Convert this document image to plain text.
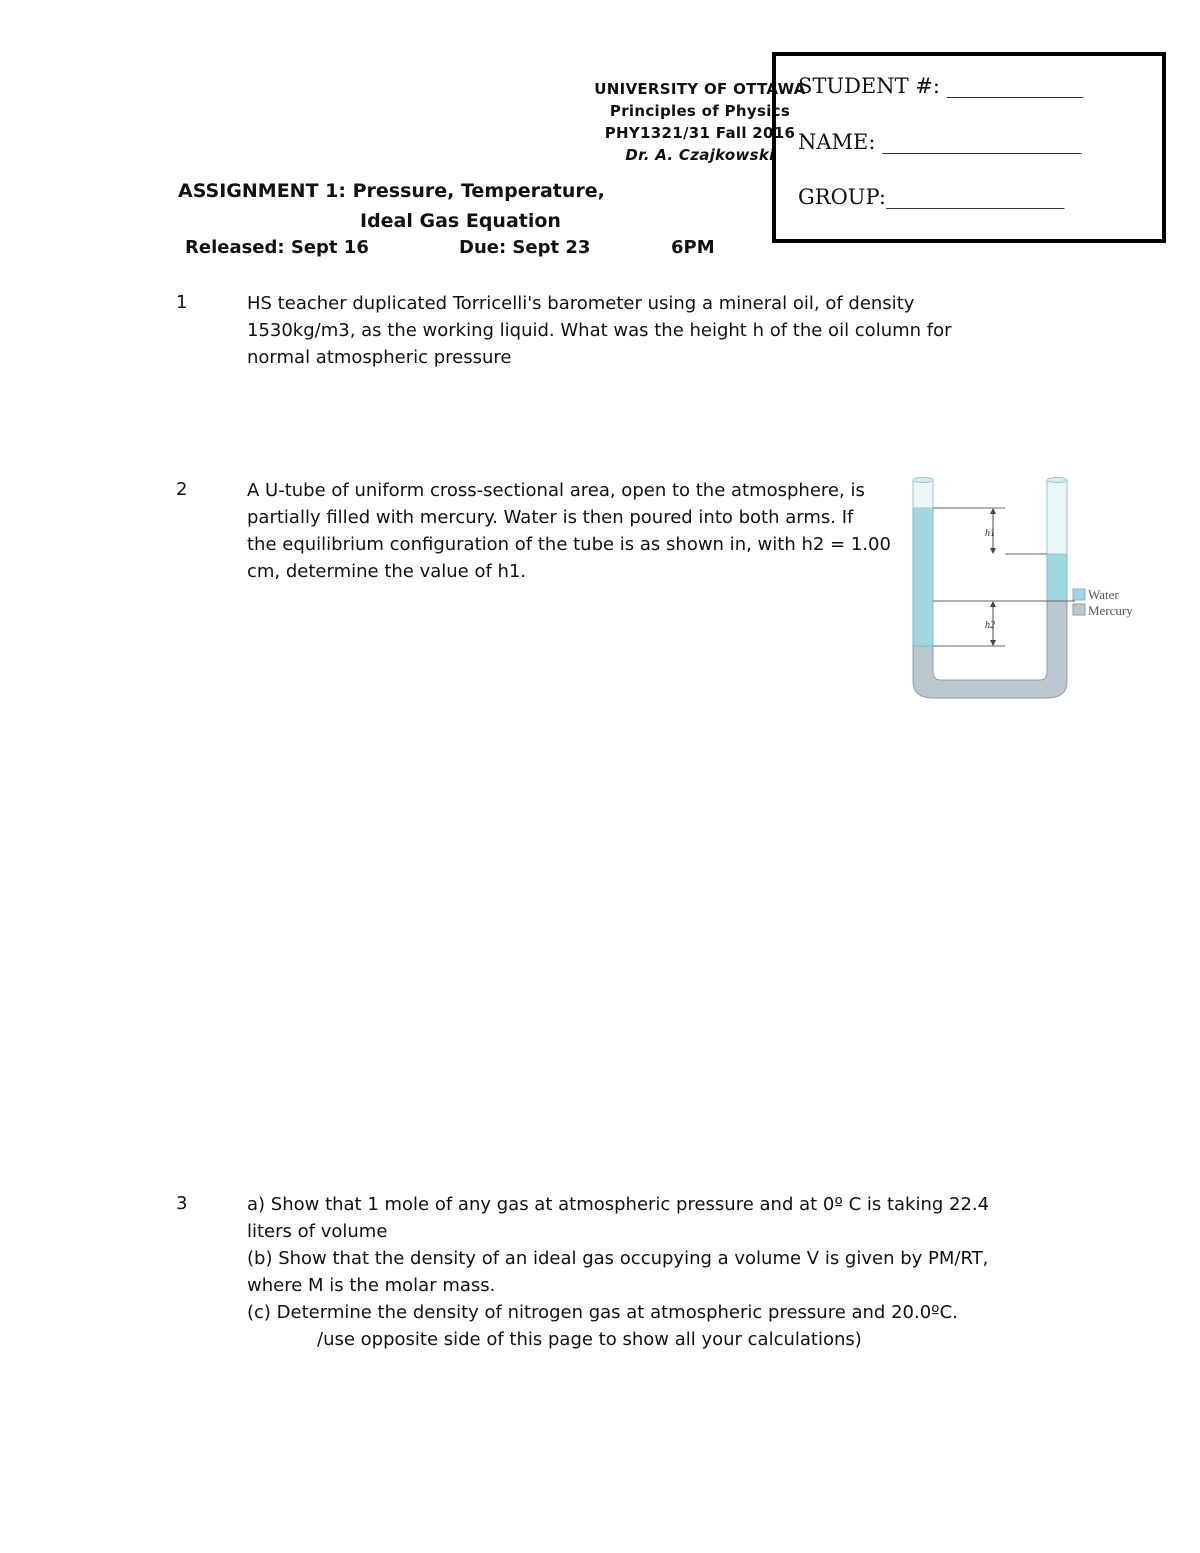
UNIVERSITY OF OTTAWA
Principles of Physics
PHY1321/31 Fall 2016
Dr. A. Czajkowski
STUDENT #: _____________
NAME: ___________________
GROUP:_________________
ASSIGNMENT 1: Pressure, Temperature,
Ideal Gas Equation
Released: Sept 16	Due: Sept 23	6PM
1	HS teacher duplicated Torricelli's barometer using a mineral oil, of density

1530kg/m3, as the working liquid. What was the height h of the oil column for

normal atmospheric pressure

2	A U-tube of uniform cross-sectional area, open to the atmosphere, is

partially filled with mercury. Water is then poured into both arms. If

the equilibrium configuration of the tube is as shown in, with h2 = 1.00

cm, determine the value of h1.

h1
h2
Water
Mercury
3	a) Show that 1 mole of any gas at atmospheric pressure and at 0º C is taking 22.4

liters of volume

(b) Show that the density of an ideal gas occupying a volume V is given by PM/RT,

where M is the molar mass.

(c) Determine the density of nitrogen gas at atmospheric pressure and 20.0ºC.

/use opposite side of this page to show all your calculations)
